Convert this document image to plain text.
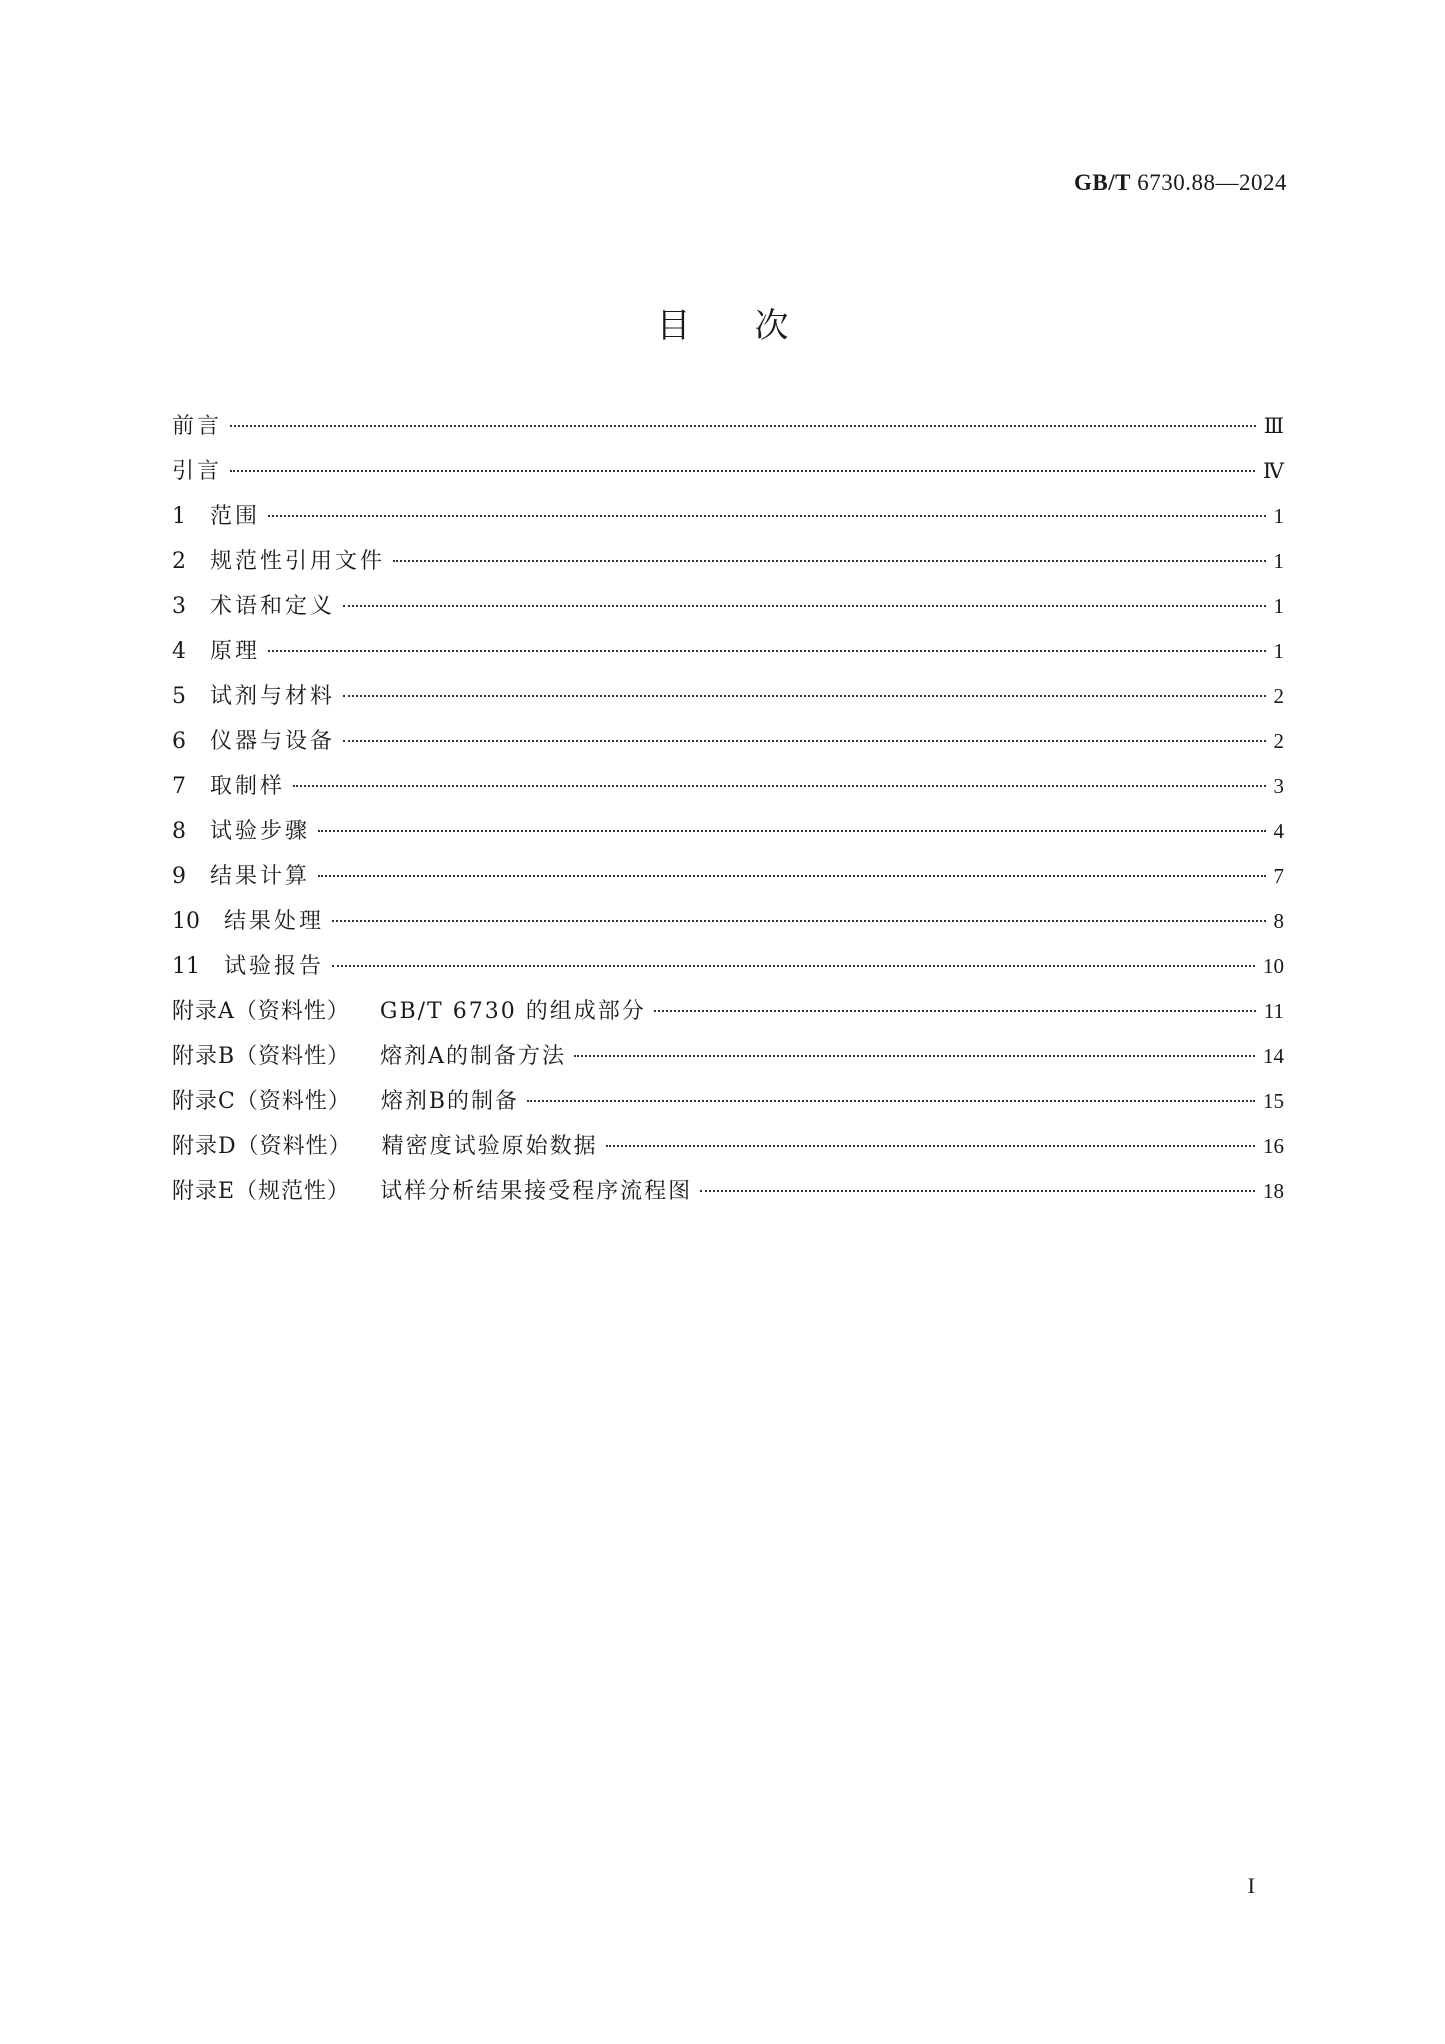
GB/T 6730.88—2024
目次
前言	Ⅲ
引言	Ⅳ
1	范围	1
2	规范性引用文件	1
3	术语和定义	1
4	原理	1
5	试剂与材料	2
6	仪器与设备	2
7	取制样	3
8	试验步骤	4
9	结果计算	7
10	结果处理	8
11	试验报告	10
附录A（资料性） GB/T 6730 的组成部分	11
附录B（资料性） 熔剂A的制备方法	14
附录C（资料性） 熔剂B的制备	15
附录D（资料性） 精密度试验原始数据	16
附录E（规范性） 试样分析结果接受程序流程图	18
I
